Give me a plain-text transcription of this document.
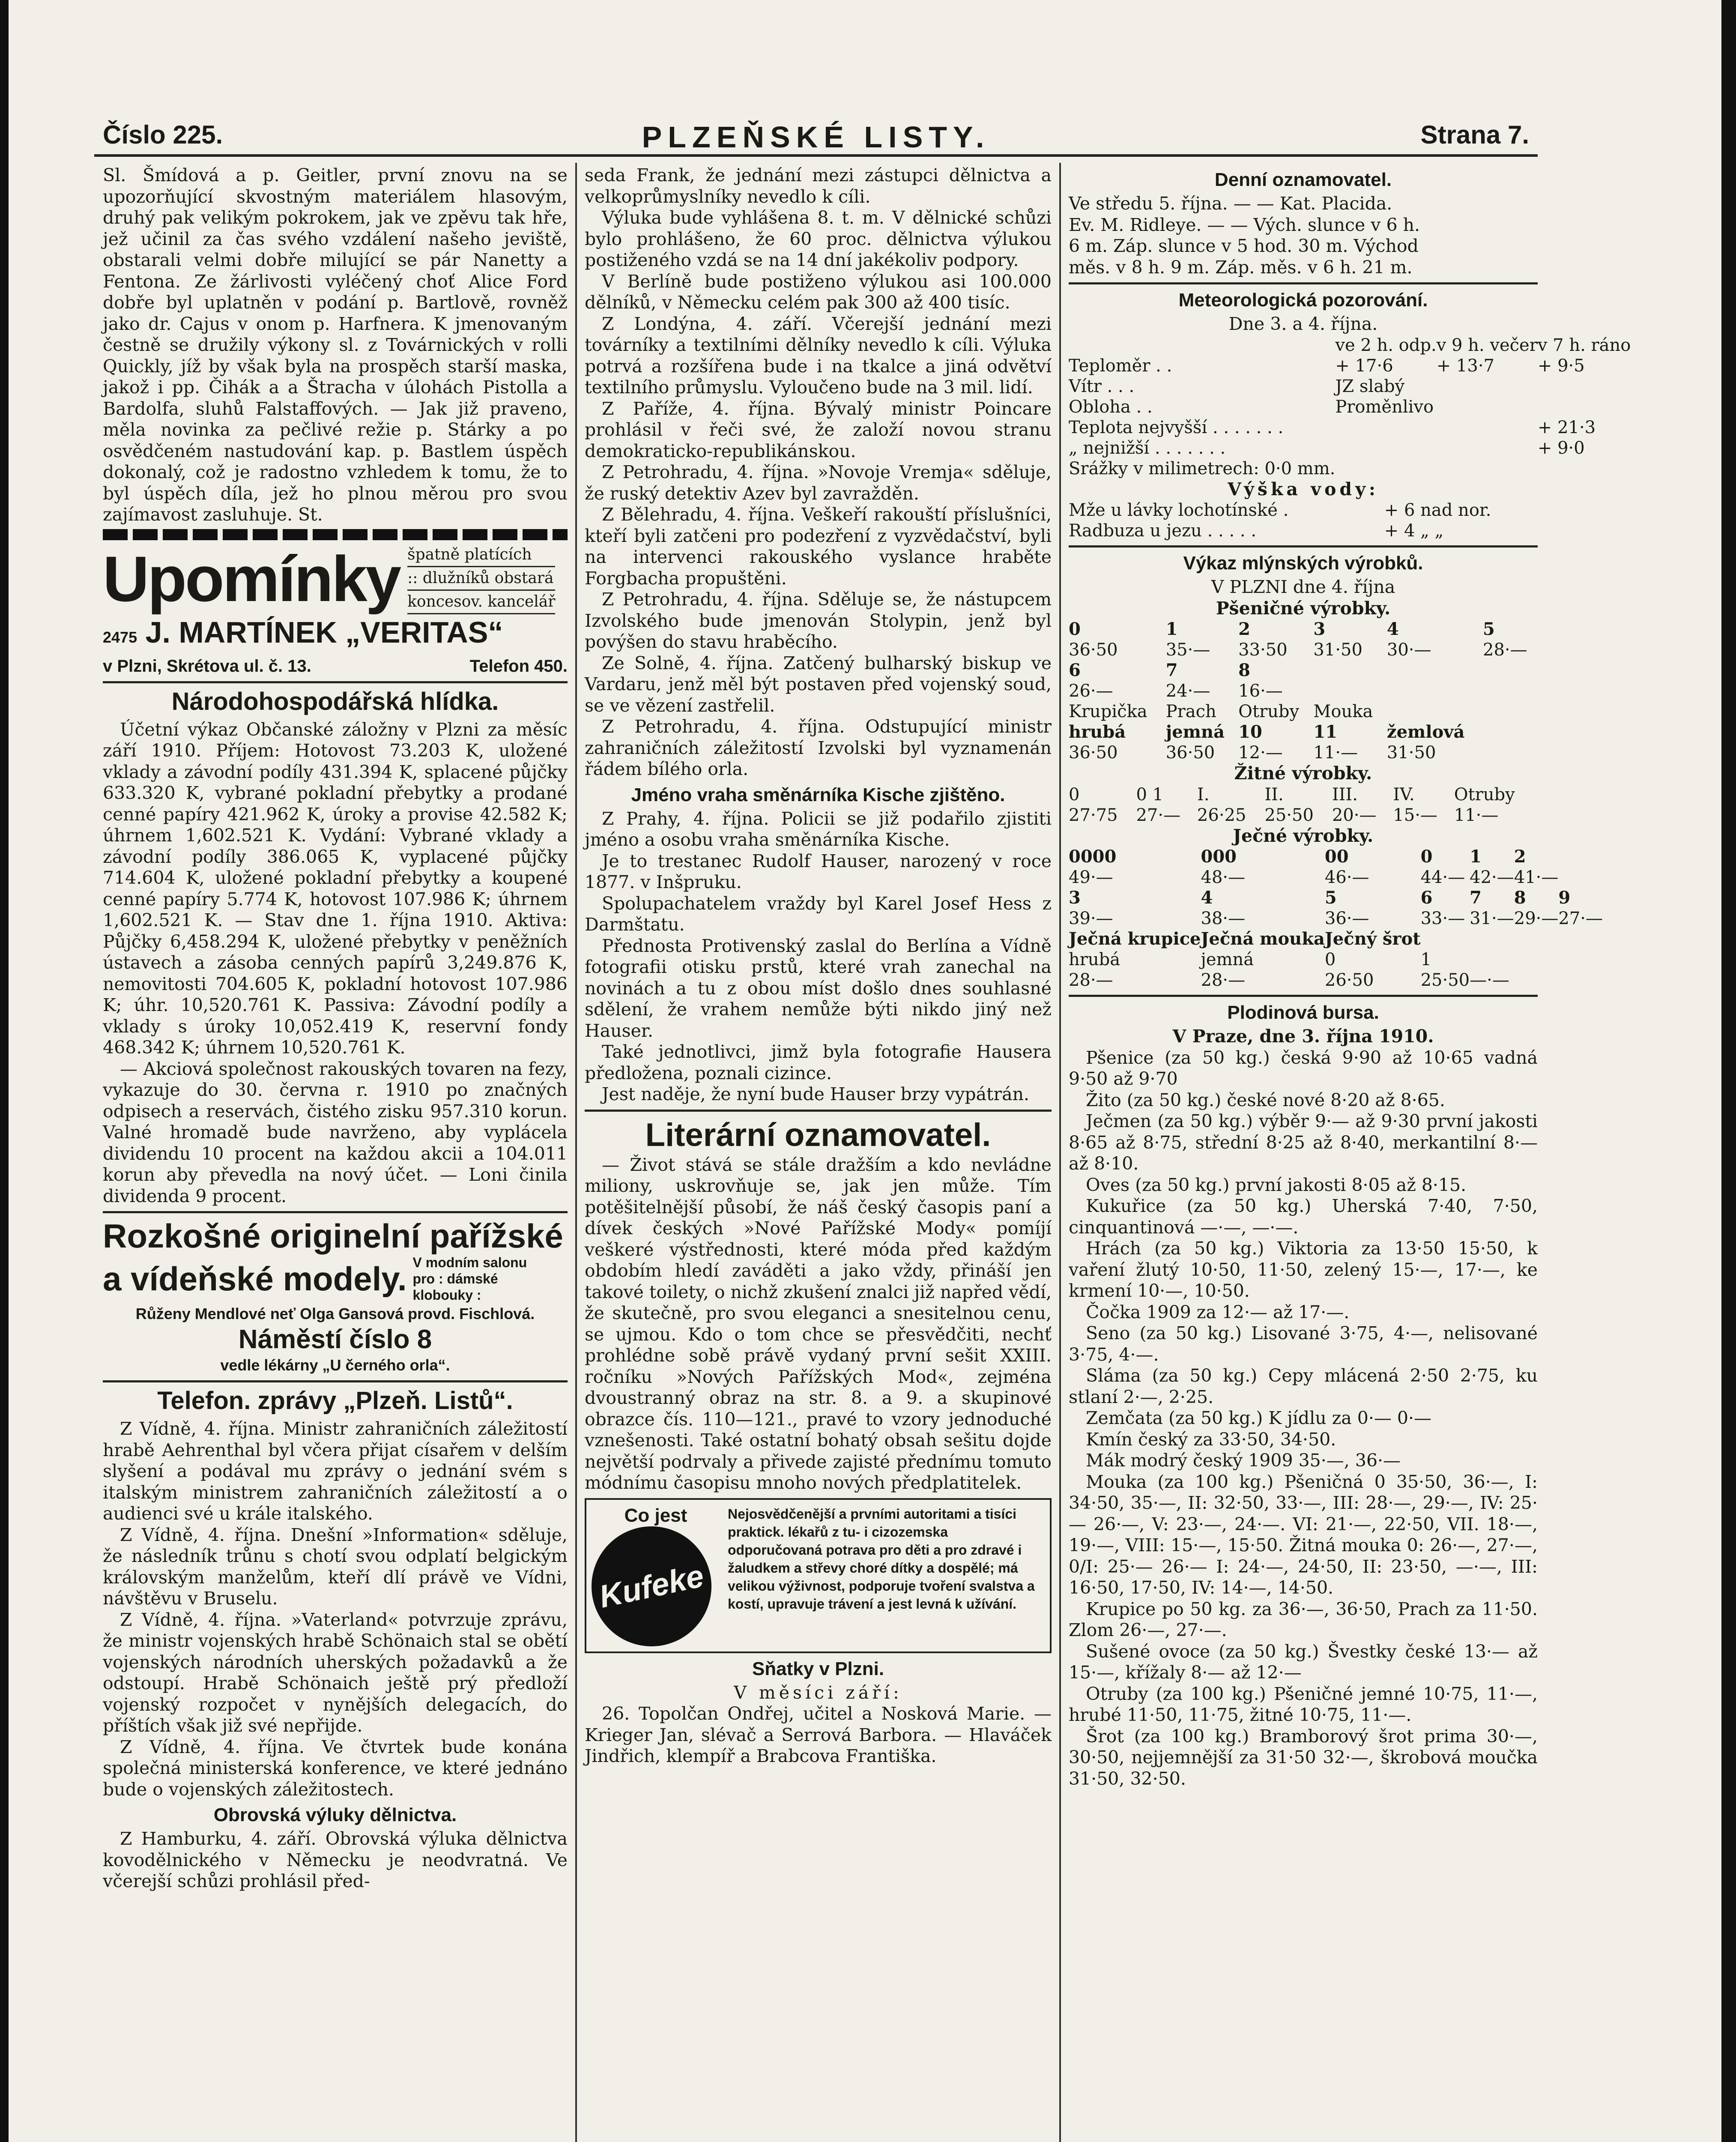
Číslo 225.	PLZEŇSKÉ LISTY.	Strana 7.

Sl. Šmídová a p. Geitler, první znovu na se upozorňující skvostným materiálem hlasovým, druhý pak velikým pokrokem, jak ve zpěvu tak hře, jež učinil za čas svého vzdálení našeho jeviště, obstarali velmi dobře milující se pár Nanetty a Fentona. Ze žárlivosti vyléčený choť Alice Ford dobře byl uplatněn v podání p. Bartlově, rovněž jako dr. Cajus v onom p. Harfnera. K jmenovaným čestně se družily výkony sl. z Továrnických v rolli Quickly, jíž by však byla na prospěch starší maska, jakož i pp. Čihák a a Štracha v úlohách Pistolla a Bardolfa, sluhů Falstaffových. — Jak již praveno, měla novinka za pečlivé režie p. Stárky a po osvědčeném nastudování kap. p. Bastlem úspěch dokonalý, což je radostno vzhledem k tomu, že to byl úspěch díla, jež ho plnou měrou pro svou zajímavost zasluhuje. St.

Upomínky špatně platících
:: dlužníků obstará
koncesov. kancelář
2475 J. MARTÍNEK „VERITAS“
v Plzni, Skrétova ul. č. 13.	Telefon 450.
Národohospodářská hlídka.

Účetní výkaz Občanské záložny v Plzni za měsíc září 1910. Příjem: Hotovost 73.203 K, uložené vklady a závodní podíly 431.394 K, splacené půjčky 633.320 K, vybrané pokladní přebytky a prodané cenné papíry 421.962 K, úroky a provise 42.582 K; úhrnem 1,602.521 K. Vydání: Vybrané vklady a závodní podíly 386.065 K, vyplacené půjčky 714.604 K, uložené pokladní přebytky a koupené cenné papíry 5.774 K, hotovost 107.986 K; úhrnem 1,602.521 K. — Stav dne 1. října 1910. Aktiva: Půjčky 6,458.294 K, uložené přebytky v peněžních ústavech a zásoba cenných papírů 3,249.876 K, nemovitosti 704.605 K, pokladní hotovost 107.986 K; úhr. 10,520.761 K. Passiva: Závodní podíly a vklady s úroky 10,052.419 K, reservní fondy 468.342 K; úhrnem 10,520.761 K.

— Akciová společnost rakouských tovaren na fezy, vykazuje do 30. června r. 1910 po značných odpisech a reservách, čistého zisku 957.310 korun. Valné hromadě bude navrženo, aby vyplácela dividendu 10 procent na každou akcii a 104.011 korun aby převedla na nový účet. — Loni činila dividenda 9 procent.

Rozkošné originelní pařížské
a vídeňské modely. V modním salonu pro : dámské klobouky :
Růženy Mendlové neť Olga Gansová provd. Fischlová.
Náměstí číslo 8
vedle lékárny „U černého orla“.
Telefon. zprávy „Plzeň. Listů“.

Z Vídně, 4. října. Ministr zahraničních záležitostí hrabě Aehrenthal byl včera přijat císařem v delším slyšení a podával mu zprávy o jednání svém s italským ministrem zahraničních záležitostí a o audienci své u krále italského.

Z Vídně, 4. října. Dnešní »Information« sděluje, že následník trůnu s chotí svou odplatí belgickým královským manželům, kteří dlí právě ve Vídni, návštěvu v Bruselu.

Z Vídně, 4. října. »Vaterland« potvrzuje zprávu, že ministr vojenských hrabě Schönaich stal se obětí vojenských národních uherských požadavků a že odstoupí. Hrabě Schönaich ještě prý předloží vojenský rozpočet v nynějších delegacích, do příštích však již své nepřijde.

Z Vídně, 4. října. Ve čtvrtek bude konána společná ministerská konference, ve které jednáno bude o vojenských záležitostech.

Obrovská výluky dělnictva.

Z Hamburku, 4. září. Obrovská výluka dělnictva kovodělnického v Německu je neodvratná. Ve včerejší schůzi prohlásil před-

seda Frank, že jednání mezi zástupci dělnictva a velkoprůmyslníky nevedlo k cíli.

Výluka bude vyhlášena 8. t. m. V dělnické schůzi bylo prohlášeno, že 60 proc. dělnictva výlukou postiženého vzdá se na 14 dní jakékoliv podpory.

V Berlíně bude postiženo výlukou asi 100.000 dělníků, v Německu celém pak 300 až 400 tisíc.

Z Londýna, 4. září. Včerejší jednání mezi továrníky a textilními dělníky nevedlo k cíli. Výluka potrvá a rozšířena bude i na tkalce a jiná odvětví textilního průmyslu. Vyloučeno bude na 3 mil. lidí.

Z Paříže, 4. října. Bývalý ministr Poincare prohlásil v řeči své, že založí novou stranu demokraticko-republikánskou.

Z Petrohradu, 4. října. »Novoje Vremja« sděluje, že ruský detektiv Azev byl zavražděn.

Z Bělehradu, 4. října. Veškeří rakouští příslušníci, kteří byli zatčeni pro podezření z vyzvědačství, byli na intervenci rakouského vyslance hraběte Forgbacha propuštěni.

Z Petrohradu, 4. října. Sděluje se, že nástupcem Izvolského bude jmenován Stolypin, jenž byl povýšen do stavu hraběcího.

Ze Solně, 4. října. Zatčený bulharský biskup ve Vardaru, jenž měl být postaven před vojenský soud, se ve vězení zastřelil.

Z Petrohradu, 4. října. Odstupující ministr zahraničních záležitostí Izvolski byl vyznamenán řádem bílého orla.

Jméno vraha směnárníka Kische zjištěno.

Z Prahy, 4. října. Policii se již podařilo zjistiti jméno a osobu vraha směnárníka Kische.

Je to trestanec Rudolf Hauser, narozený v roce 1877. v Inšpruku.

Spolupachatelem vraždy byl Karel Josef Hess z Darmštatu.

Přednosta Protivenský zaslal do Berlína a Vídně fotografii otisku prstů, které vrah zanechal na novinách a tu z obou míst došlo dnes souhlasné sdělení, že vrahem nemůže býti nikdo jiný než Hauser.

Také jednotlivci, jimž byla fotografie Hausera předložena, poznali cizince.

Jest naděje, že nyní bude Hauser brzy vypátrán.

Literární oznamovatel.

— Život stává se stále dražším a kdo nevládne miliony, uskrovňuje se, jak jen může. Tím potěšitelnější působí, že náš český časopis paní a dívek českých »Nové Pařížské Mody« pomíjí veškeré výstřednosti, které móda před každým obdobím hledí zaváděti a jako vždy, přináší jen takové toilety, o nichž zkušení znalci již napřed vědí, že skutečně, pro svou eleganci a snesitelnou cenu, se ujmou. Kdo o tom chce se přesvědčiti, nechť prohlédne sobě právě vydaný první sešit XXIII. ročníku »Nových Pařížských Mod«, zejména dvoustranný obraz na str. 8. a 9. a skupinové obrazce čís. 110—121., pravé to vzory jednoduché vznešenosti. Také ostatní bohatý obsah sešitu dojde největší podrvaly a přivede zajisté přednímu tomuto módnímu časopisu mnoho nových předplatitelek.

Co jest
Kufeke
Nejosvědčenější a prvními autoritami a tisíci praktick. lékařů z tu- i cizozemska odporučovaná potrava pro děti a pro zdravé i žaludkem a střevy choré dítky a dospělé; má velikou výživnost, podporuje tvoření svalstva a kostí, upravuje trávení a jest levná k užívání.
Sňatky v Plzni.
V měsíci září:

26. Topolčan Ondřej, učitel a Nosková Marie. — Krieger Jan, slévač a Serrová Barbora. — Hlaváček Jindřich, klempíř a Brabcova Františka.

Denní oznamovatel.
Ve středu 5. října. — — Kat. Placida.
Ev. M. Ridleye. — — Vých. slunce v 6 h.
6 m. Záp. slunce v 5 hod. 30 m. Východ
měs. v 8 h. 9 m. Záp. měs. v 6 h. 21 m.
Meteorologická pozorování.
Dne 3. a 4. října.
	ve 2 h. odp.	v 9 h. večer	v 7 h. ráno
Teploměr . .	+ 17·6	+ 13·7	+ 9·5
Vítr . . .	JZ slabý		
Obloha . .	Proměnlivo		
Teplota nejvyšší . . . . . . .			+ 21·3
„ nejnižší . . . . . . .			+ 9·0
Srážky v milimetrech: 0·0 mm.			
Výška vody:
Mže u lávky lochotínské .	+ 6 nad nor.
Radbuza u jezu . . . . .	+ 4 „ „
Výkaz mlýnských výrobků.
V PLZNI dne 4. října
Pšeničné výrobky.
0	1	2	3	4	5
36·50	35·—	33·50	31·50	30·—	28·—
6	7	8			
26·—	24·—	16·—			
Krupička	Prach	Otruby	Mouka		
hrubá	jemná	10	11	žemlová	
36·50	36·50	12·—	11·—	31·50	
Žitné výrobky.
0	0 1	I.	II.	III.	IV.	Otruby
27·75	27·—	26·25	25·50	20·—	15·—	11·—
Ječné výrobky.
0000	000	00	0	1	2	
49·—	48·—	46·—	44·—	42·—	41·—	
3	4	5	6	7	8	9
39·—	38·—	36·—	33·—	31·—	29·—	27·—
Ječná krupice	Ječná mouka	Ječný šrot				
hrubá	jemná	0	1			
28·—	28·—	26·50	25·50	—·—		
Plodinová bursa.
V Praze, dne 3. října 1910.

Pšenice (za 50 kg.) česká 9·90 až 10·65 vadná 9·50 až 9·70

Žito (za 50 kg.) české nové 8·20 až 8·65.

Ječmen (za 50 kg.) výběr 9·— až 9·30 první jakosti 8·65 až 8·75, střední 8·25 až 8·40, merkantilní 8·— až 8·10.

Oves (za 50 kg.) první jakosti 8·05 až 8·15.

Kukuřice (za 50 kg.) Uherská 7·40, 7·50, cinquantinová —·—, —·—.

Hrách (za 50 kg.) Viktoria za 13·50 15·50, k vaření žlutý 10·50, 11·50, zelený 15·—, 17·—, ke krmení 10·—, 10·50.

Čočka 1909 za 12·— až 17·—.

Seno (za 50 kg.) Lisované 3·75, 4·—, nelisované 3·75, 4·—.

Sláma (za 50 kg.) Cepy mlácená 2·50 2·75, ku stlaní 2·—, 2·25.

Zemčata (za 50 kg.) K jídlu za 0·— 0·—

Kmín český za 33·50, 34·50.

Mák modrý český 1909 35·—, 36·—

Mouka (za 100 kg.) Pšeničná 0 35·50, 36·—, I: 34·50, 35·—, II: 32·50, 33·—, III: 28·—, 29·—, IV: 25·— 26·—, V: 23·—, 24·—. VI: 21·—, 22·50, VII. 18·—, 19·—, VIII: 15·—, 15·50. Žitná mouka 0: 26·—, 27·—, 0/I: 25·— 26·— I: 24·—, 24·50, II: 23·50, —·—, III: 16·50, 17·50, IV: 14·—, 14·50.

Krupice po 50 kg. za 36·—, 36·50, Prach za 11·50. Zlom 26·—, 27·—.

Sušené ovoce (za 50 kg.) Švestky české 13·— až 15·—, křížaly 8·— až 12·—

Otruby (za 100 kg.) Pšeničné jemné 10·75, 11·—, hrubé 11·50, 11·75, žitné 10·75, 11·—.

Šrot (za 100 kg.) Bramborový šrot prima 30·—, 30·50, nejjemnější za 31·50 32·—, škrobová moučka 31·50, 32·50.
